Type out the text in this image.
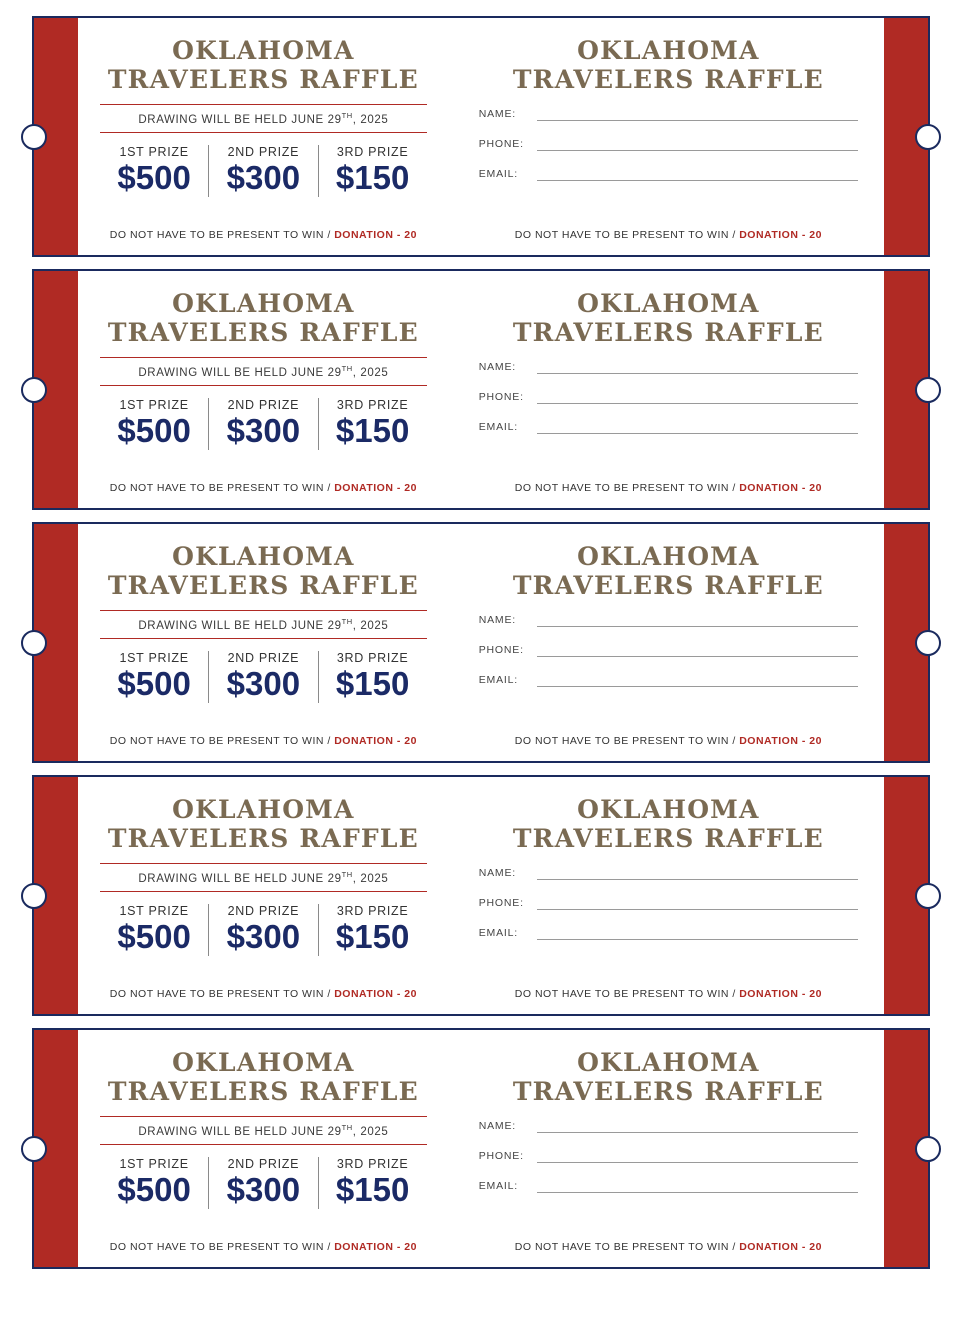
OKLAHOMA
TRAVELERS RAFFLE
DRAWING WILL BE HELD JUNE 29TH, 2025
1ST PRIZE
$500
2ND PRIZE
$300
3RD PRIZE
$150
DO NOT HAVE TO BE PRESENT TO WIN / DONATION - 20
OKLAHOMA
TRAVELERS RAFFLE
NAME:
PHONE:
EMAIL:
DO NOT HAVE TO BE PRESENT TO WIN / DONATION - 20
OKLAHOMA
TRAVELERS RAFFLE
DRAWING WILL BE HELD JUNE 29TH, 2025
1ST PRIZE
$500
2ND PRIZE
$300
3RD PRIZE
$150
DO NOT HAVE TO BE PRESENT TO WIN / DONATION - 20
OKLAHOMA
TRAVELERS RAFFLE
NAME:
PHONE:
EMAIL:
DO NOT HAVE TO BE PRESENT TO WIN / DONATION - 20
OKLAHOMA
TRAVELERS RAFFLE
DRAWING WILL BE HELD JUNE 29TH, 2025
1ST PRIZE
$500
2ND PRIZE
$300
3RD PRIZE
$150
DO NOT HAVE TO BE PRESENT TO WIN / DONATION - 20
OKLAHOMA
TRAVELERS RAFFLE
NAME:
PHONE:
EMAIL:
DO NOT HAVE TO BE PRESENT TO WIN / DONATION - 20
OKLAHOMA
TRAVELERS RAFFLE
DRAWING WILL BE HELD JUNE 29TH, 2025
1ST PRIZE
$500
2ND PRIZE
$300
3RD PRIZE
$150
DO NOT HAVE TO BE PRESENT TO WIN / DONATION - 20
OKLAHOMA
TRAVELERS RAFFLE
NAME:
PHONE:
EMAIL:
DO NOT HAVE TO BE PRESENT TO WIN / DONATION - 20
OKLAHOMA
TRAVELERS RAFFLE
DRAWING WILL BE HELD JUNE 29TH, 2025
1ST PRIZE
$500
2ND PRIZE
$300
3RD PRIZE
$150
DO NOT HAVE TO BE PRESENT TO WIN / DONATION - 20
OKLAHOMA
TRAVELERS RAFFLE
NAME:
PHONE:
EMAIL:
DO NOT HAVE TO BE PRESENT TO WIN / DONATION - 20
